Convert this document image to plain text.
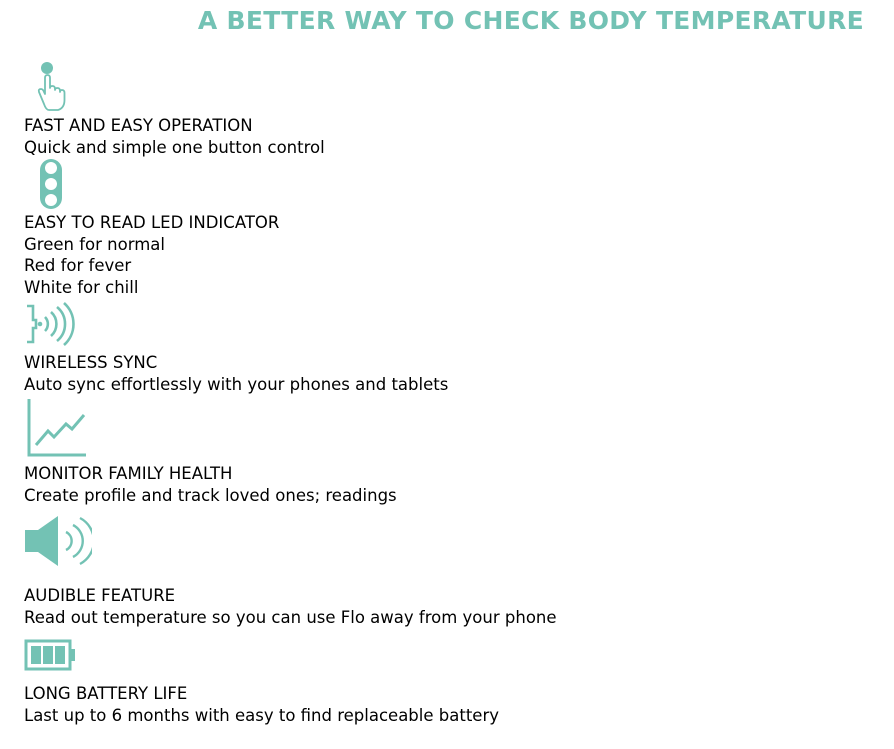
A BETTER WAY TO CHECK BODY TEMPERATURE
FAST AND EASY OPERATION
Quick and simple one button control
EASY TO READ LED INDICATOR
Green for normal
Red for fever
White for chill
WIRELESS SYNC
Auto sync effortlessly with your phones and tablets
MONITOR FAMILY HEALTH
Create profile and track loved ones; readings
AUDIBLE FEATURE
Read out temperature so you can use Flo away from your phone
LONG BATTERY LIFE
Last up to 6 months with easy to find replaceable battery
